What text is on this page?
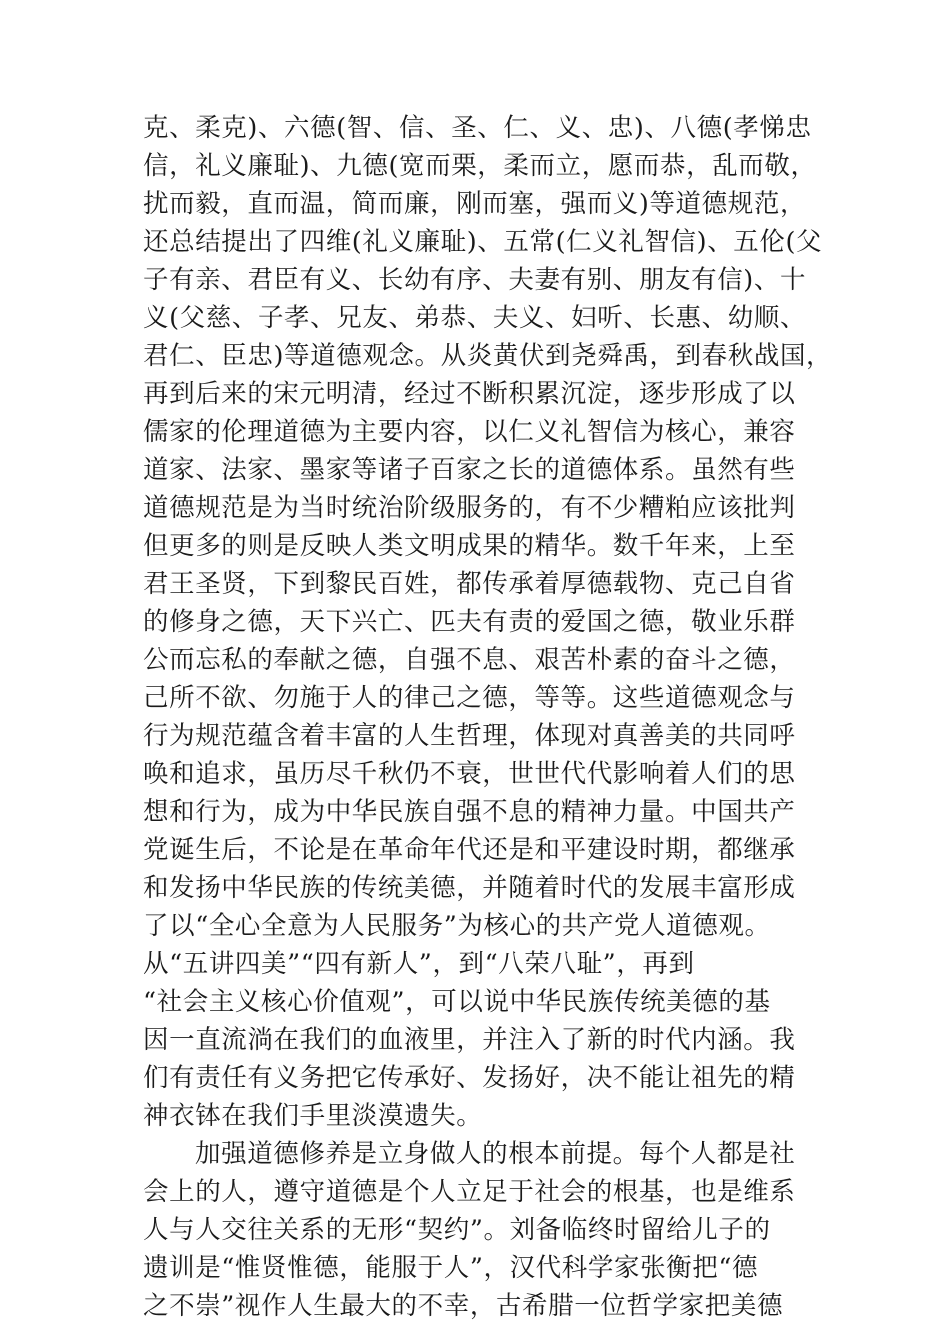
克、柔克)、六德(智、信、圣、仁、义、忠)、八德(孝悌忠
信，礼义廉耻)、九德(宽而栗，柔而立，愿而恭，乱而敬，
扰而毅，直而温，简而廉，刚而塞，强而义)等道德规范，
还总结提出了四维(礼义廉耻)、五常(仁义礼智信)、五伦(父
子有亲、君臣有义、长幼有序、夫妻有别、朋友有信)、十
义(父慈、子孝、兄友、弟恭、夫义、妇听、长惠、幼顺、
君仁、臣忠)等道德观念。从炎黄伏到尧舜禹，到春秋战国，
再到后来的宋元明清，经过不断积累沉淀，逐步形成了以
儒家的伦理道德为主要内容，以仁义礼智信为核心，兼容
道家、法家、墨家等诸子百家之长的道德体系。虽然有些
道德规范是为当时统治阶级服务的，有不少糟粕应该批判
但更多的则是反映人类文明成果的精华。数千年来，上至
君王圣贤，下到黎民百姓，都传承着厚德载物、克己自省
的修身之德，天下兴亡、匹夫有责的爱国之德，敬业乐群
公而忘私的奉献之德，自强不息、艰苦朴素的奋斗之德，
己所不欲、勿施于人的律己之德，等等。这些道德观念与
行为规范蕴含着丰富的人生哲理，体现对真善美的共同呼
唤和追求，虽历尽千秋仍不衰，世世代代影响着人们的思
想和行为，成为中华民族自强不息的精神力量。中国共产
党诞生后，不论是在革命年代还是和平建设时期，都继承
和发扬中华民族的传统美德，并随着时代的发展丰富形成
了以“全心全意为人民服务”为核心的共产党人道德观。
从“五讲四美”“四有新人”，到“八荣八耻”，再到
“社会主义核心价值观”，可以说中华民族传统美德的基
因一直流淌在我们的血液里，并注入了新的时代内涵。我
们有责任有义务把它传承好、发扬好，决不能让祖先的精
神衣钵在我们手里淡漠遗失。
加强道德修养是立身做人的根本前提。每个人都是社
会上的人，遵守道德是个人立足于社会的根基，也是维系
人与人交往关系的无形“契约”。刘备临终时留给儿子的
遗训是“惟贤惟德，能服于人”，汉代科学家张衡把“德
之不崇”视作人生最大的不幸，古希腊一位哲学家把美德
